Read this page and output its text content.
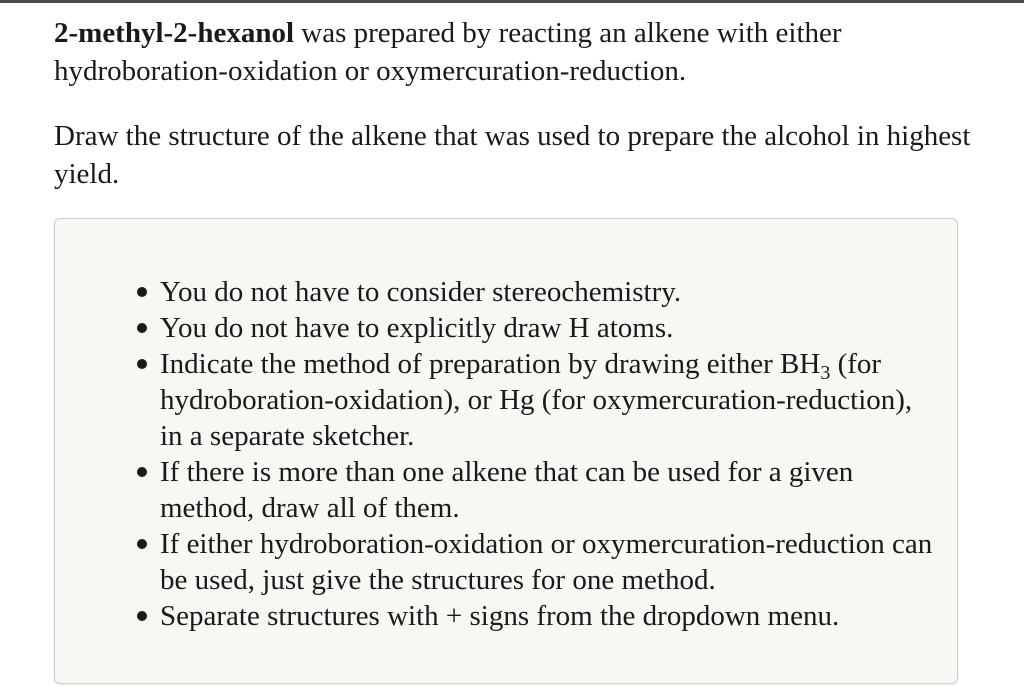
2-methyl-2-hexanol was prepared by reacting an alkene with either hydroboration-oxidation or oxymercuration-reduction.

Draw the structure of the alkene that was used to prepare the alcohol in highest yield.

You do not have to consider stereochemistry.
You do not have to explicitly draw H atoms.
Indicate the method of preparation by drawing either $BH_3$ (for hydroboration-oxidation), or Hg (for oxymercuration-reduction), in a separate sketcher.
If there is more than one alkene that can be used for a given method, draw all of them.
If either hydroboration-oxidation or oxymercuration-reduction can be used, just give the structures for one method.
Separate structures with + signs from the dropdown menu.
